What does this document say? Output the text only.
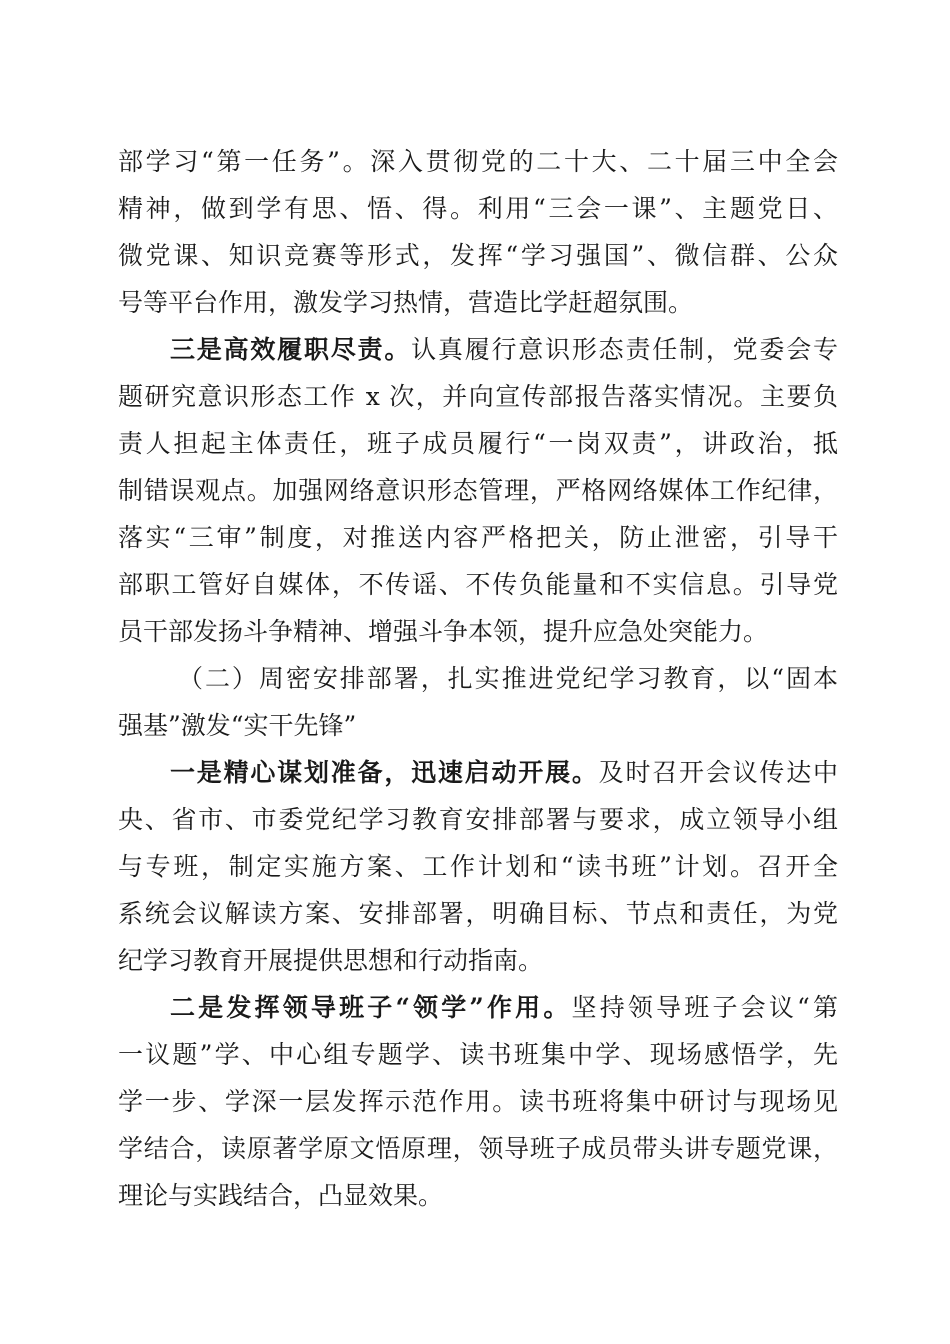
部学习“第一任务”。深入贯彻党的二十大、二十届三中全会
精神，做到学有思、悟、得。利用“三会一课”、主题党日、
微党课、知识竞赛等形式，发挥“学习强国”、微信群、公众
号等平台作用，激发学习热情，营造比学赶超氛围。
三是高效履职尽责。认真履行意识形态责任制，党委会专
题研究意识形态工作 x 次，并向宣传部报告落实情况。主要负
责人担起主体责任，班子成员履行“一岗双责”，讲政治，抵
制错误观点。加强网络意识形态管理，严格网络媒体工作纪律，
落实“三审”制度，对推送内容严格把关，防止泄密，引导干
部职工管好自媒体，不传谣、不传负能量和不实信息。引导党
员干部发扬斗争精神、增强斗争本领，提升应急处突能力。
（二）周密安排部署，扎实推进党纪学习教育，以“固本
强基”激发“实干先锋”
一是精心谋划准备，迅速启动开展。及时召开会议传达中
央、省市、市委党纪学习教育安排部署与要求，成立领导小组
与专班，制定实施方案、工作计划和“读书班”计划。召开全
系统会议解读方案、安排部署，明确目标、节点和责任，为党
纪学习教育开展提供思想和行动指南。
二是发挥领导班子“领学”作用。坚持领导班子会议“第
一议题”学、中心组专题学、读书班集中学、现场感悟学，先
学一步、学深一层发挥示范作用。读书班将集中研讨与现场见
学结合，读原著学原文悟原理，领导班子成员带头讲专题党课，
理论与实践结合，凸显效果。
